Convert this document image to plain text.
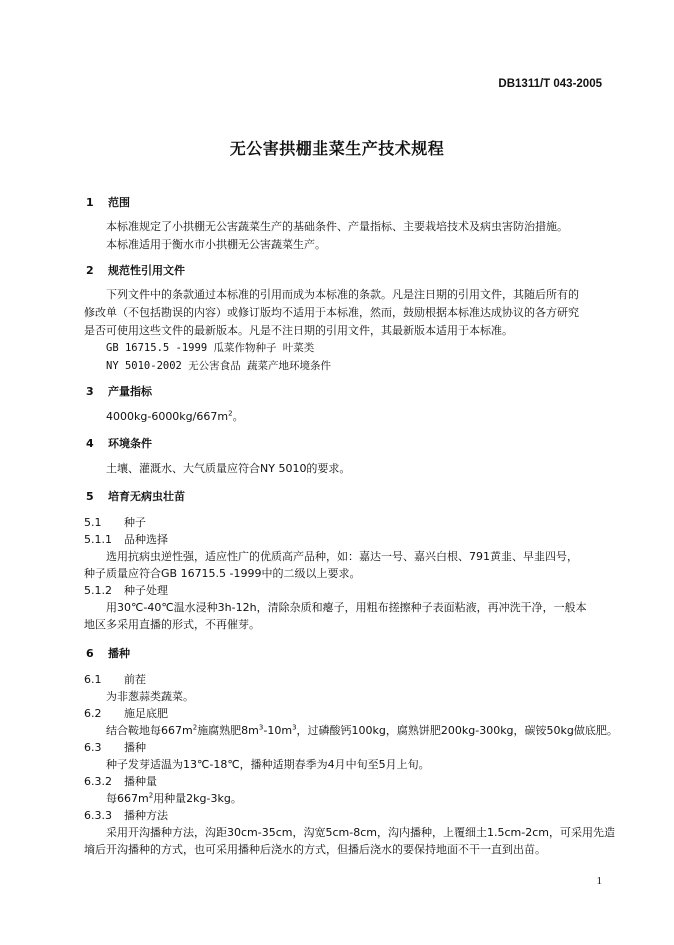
DB1311/T 043-2005
无公害拱棚韭菜生产技术规程
1 范围
本标准规定了小拱棚无公害蔬菜生产的基础条件、产量指标、主要栽培技术及病虫害防治措施。
本标准适用于衡水市小拱棚无公害蔬菜生产。
2 规范性引用文件
下列文件中的条款通过本标准的引用而成为本标准的条款。凡是注日期的引用文件，其随后所有的
修改单（不包括勘误的内容）或修订版均不适用于本标准，然而，鼓励根据本标准达成协议的各方研究
是否可使用这些文件的最新版本。凡是不注日期的引用文件，其最新版本适用于本标准。
GB 16715.5 -1999 瓜菜作物种子 叶菜类
NY 5010-2002 无公害食品 蔬菜产地环境条件
3 产量指标
$4000kg-6000kg/667m^2$。
4 环境条件
土壤、灌溉水、大气质量应符合NY 5010的要求。
5 培育无病虫壮苗
5.1 种子
5.1.1 品种选择
选用抗病虫逆性强，适应性广的优质高产品种，如：嘉达一号、嘉兴白根、791黄韭、早韭四号，
种子质量应符合GB 16715.5 -1999中的二级以上要求。
5.1.2 种子处理
用30℃-40℃温水浸种3h-12h，清除杂质和瘪子，用粗布搓擦种子表面粘液，再冲洗干净，一般本
地区多采用直播的形式，不再催芽。
6 播种
6.1 前茬
为非葱蒜类蔬菜。
6.2 施足底肥
结合鞍地每$667m^2$施腐熟肥$8m^3-10m^3$，过磷酸钙100kg，腐熟饼肥200kg-300kg，碳铵50kg做底肥。
6.3 播种
种子发芽适温为13℃-18℃，播种适期春季为4月中旬至5月上旬。
6.3.2 播种量
每$667m^2$用种量2kg-3kg。
6.3.3 播种方法
采用开沟播种方法，沟距30cm-35cm，沟宽5cm-8cm，沟内播种，上覆细土1.5cm-2cm，可采用先造
墒后开沟播种的方式，也可采用播种后浇水的方式，但播后浇水的要保持地面不干一直到出苗。
1
